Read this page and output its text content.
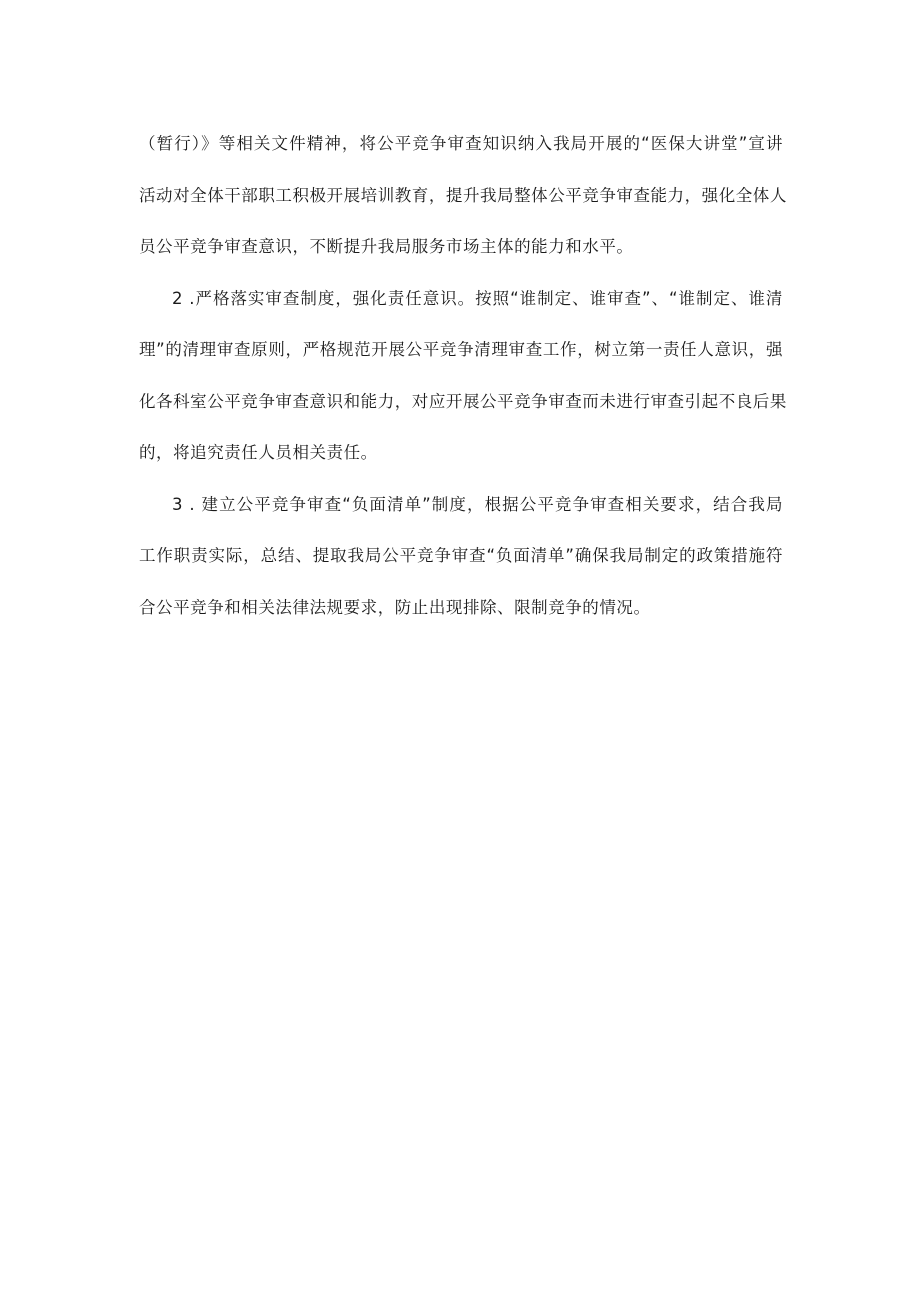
（暂行）》等相关文件精神，将公平竞争审查知识纳入我局开展的“医保大讲堂”宣讲
活动对全体干部职工积极开展培训教育，提升我局整体公平竞争审查能力，强化全体人
员公平竞争审查意识，不断提升我局服务市场主体的能力和水平。
2 .严格落实审查制度，强化责任意识。按照“谁制定、谁审查”、“谁制定、谁清
理”的清理审查原则，严格规范开展公平竞争清理审查工作，树立第一责任人意识，强
化各科室公平竞争审查意识和能力，对应开展公平竞争审查而未进行审查引起不良后果
的，将追究责任人员相关责任。
3 . 建立公平竞争审查“负面清单”制度，根据公平竞争审查相关要求，结合我局
工作职责实际，总结、提取我局公平竞争审查“负面清单”确保我局制定的政策措施符
合公平竞争和相关法律法规要求，防止出现排除、限制竞争的情况。
